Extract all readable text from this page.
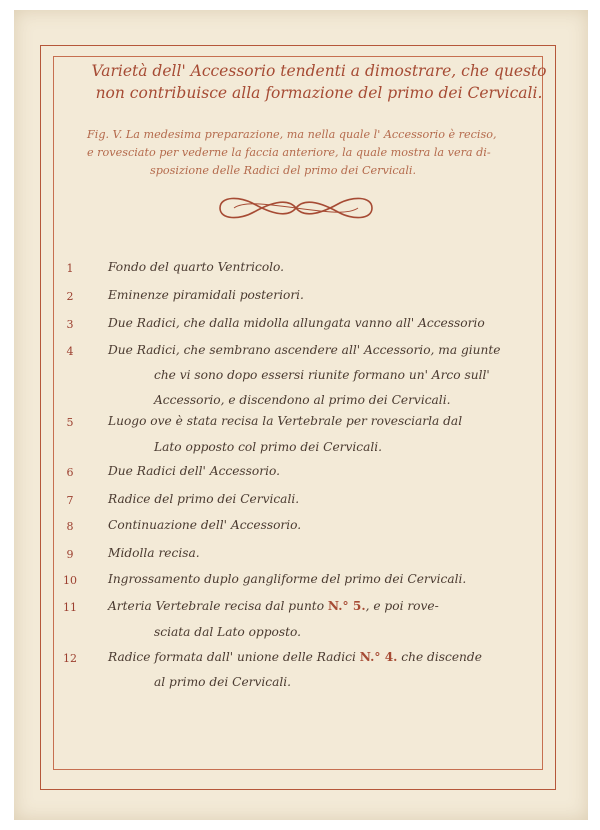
Varietà dell' Accessorio tendenti a dimostrare, che questo
non contribuisce alla formazione del primo dei Cervicali.
Fig. V. La medesima preparazione, ma nella quale l' Accessorio è reciso,
e rovesciato per vederne la faccia anteriore, la quale mostra la vera di-
sposizione delle Radici del primo dei Cervicali.
1
2
3
4
5
6
7
8
9
10
11
12
Fondo del quarto Ventricolo.
Eminenze piramidali posteriori.
Due Radici, che dalla midolla allungata vanno all' Accessorio
Due Radici, che sembrano ascendere all' Accessorio, ma giunte
che vi sono dopo essersi riunite formano un' Arco sull'
Accessorio, e discendono al primo dei Cervicali.
Luogo ove è stata recisa la Vertebrale per rovesciarla dal
Lato opposto col primo dei Cervicali.
Due Radici dell' Accessorio.
Radice del primo dei Cervicali.
Continuazione dell' Accessorio.
Midolla recisa.
Ingrossamento duplo gangliforme del primo dei Cervicali.
Arteria Vertebrale recisa dal punto N.° 5., e poi rove-
sciata dal Lato opposto.
Radice formata dall' unione delle Radici N.° 4. che discende
al primo dei Cervicali.
